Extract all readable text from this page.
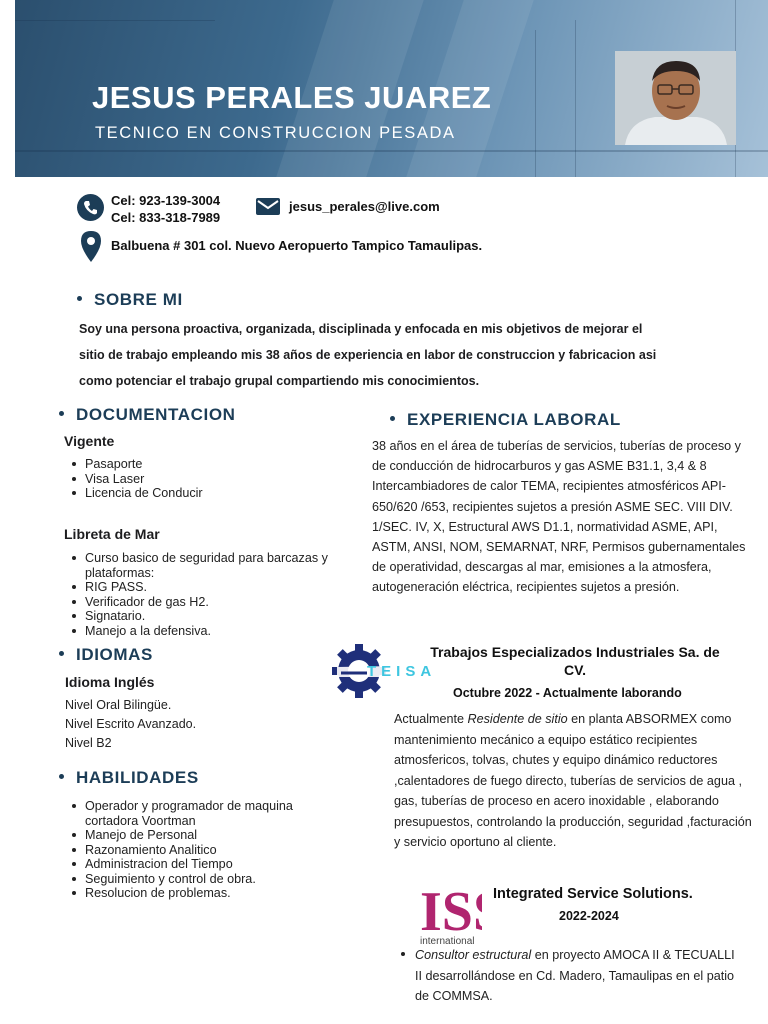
JESUS PERALES JUAREZ
TECNICO EN CONSTRUCCION PESADA
Cel: 923-139-3004
Cel: 833-318-7989
jesus_perales@live.com
Balbuena # 301 col. Nuevo Aeropuerto Tampico Tamaulipas.
SOBRE MI

Soy una persona proactiva, organizada, disciplinada y enfocada en mis objetivos de mejorar el

sitio de trabajo empleando mis 38 años de experiencia en labor de construccion y fabricacion asi

como potenciar el trabajo grupal compartiendo mis conocimientos.

DOCUMENTACION
Vigente
Pasaporte
Visa Laser
Licencia de Conducir
Libreta de Mar
Curso basico de seguridad para barcazas y plataformas:
RIG PASS.
Verificador de gas H2.
Signatario.
Manejo a la defensiva.
IDIOMAS
Idioma Inglés
Nivel Oral Bilingüe.
Nivel Escrito Avanzado.
Nivel B2
HABILIDADES
Operador y programador de maquina cortadora Voortman
Manejo de Personal
Razonamiento Analitico
Administracion del Tiempo
Seguimiento y control de obra.
Resolucion de problemas.
EXPERIENCIA LABORAL
38 años en el área de tuberías de servicios, tuberías de proceso y de conducción de hidrocarburos y gas ASME B31.1, 3,4 & 8 Intercambiadores de calor TEMA, recipientes atmosféricos API-650/620 /653, recipientes sujetos a presión ASME SEC. VIII DIV. 1/SEC. IV, X, Estructural AWS D1.1, normatividad ASME, API, ASTM, ANSI, NOM, SEMARNAT, NRF, Permisos gubernamentales de operatividad, descargas al mar, emisiones a la atmosfera, autogeneración eléctrica, recipientes sujetos a presión.
TEISA
Trabajos Especializados Industriales Sa. de CV.
Octubre 2022 - Actualmente laborando
Actualmente Residente de sitio en planta ABSORMEX como mantenimiento mecánico a equipo estático recipientes atmosfericos, tolvas, chutes y equipo dinámico reductores ,calentadores de fuego directo, tuberías de servicios de agua , gas, tuberías de proceso en acero inoxidable , elaborando presupuestos, controlando la producción, seguridad ,facturación y servicio oportuno al cliente.
IS
international
Integrated Service Solutions.
2022-2024
Consultor estructural en proyecto AMOCA II & TECUALLI II desarrollándose en Cd. Madero, Tamaulipas en el patio de COMMSA.
